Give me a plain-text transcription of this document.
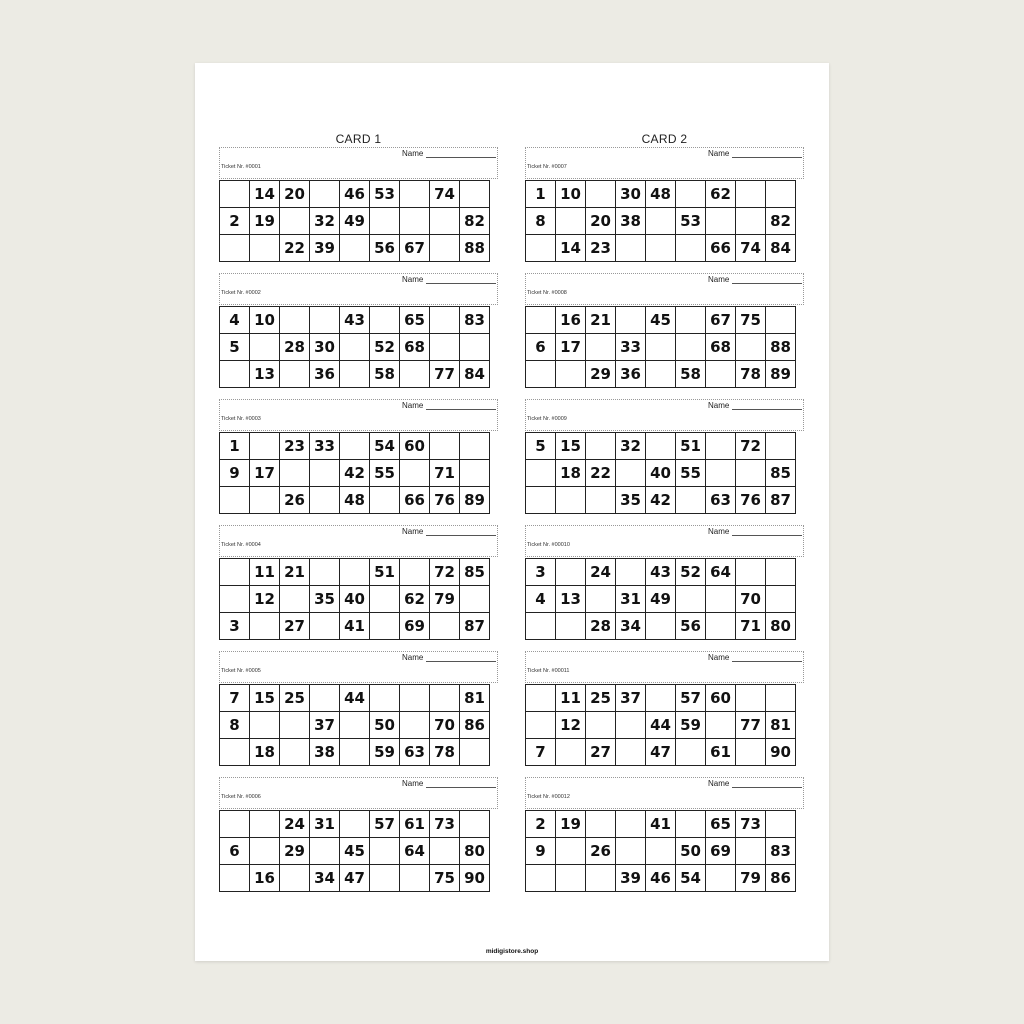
CARD 1
Name
Ticket Nr. #0001
	14	20		46	53		74	
2	19		32	49				82
		22	39		56	67		88
Name
Ticket Nr. #0002
4	10			43		65		83
5		28	30		52	68		
	13		36		58		77	84
Name
Ticket Nr. #0003
1		23	33		54	60		
9	17			42	55		71	
		26		48		66	76	89
Name
Ticket Nr. #0004
	11	21			51		72	85
	12		35	40		62	79	
3		27		41		69		87
Name
Ticket Nr. #0005
7	15	25		44				81
8			37		50		70	86
	18		38		59	63	78	
Name
Ticket Nr. #0006
		24	31		57	61	73	
6		29		45		64		80
	16		34	47			75	90
CARD 2
Name
Ticket Nr. #0007
1	10		30	48		62		
8		20	38		53			82
	14	23				66	74	84
Name
Ticket Nr. #0008
	16	21		45		67	75	
6	17		33			68		88
		29	36		58		78	89
Name
Ticket Nr. #0009
5	15		32		51		72	
	18	22		40	55			85
			35	42		63	76	87
Name
Ticket Nr. #00010
3		24		43	52	64		
4	13		31	49			70	
		28	34		56		71	80
Name
Ticket Nr. #00011
	11	25	37		57	60		
	12			44	59		77	81
7		27		47		61		90
Name
Ticket Nr. #00012
2	19			41		65	73	
9		26			50	69		83
			39	46	54		79	86
midigistore.shop
